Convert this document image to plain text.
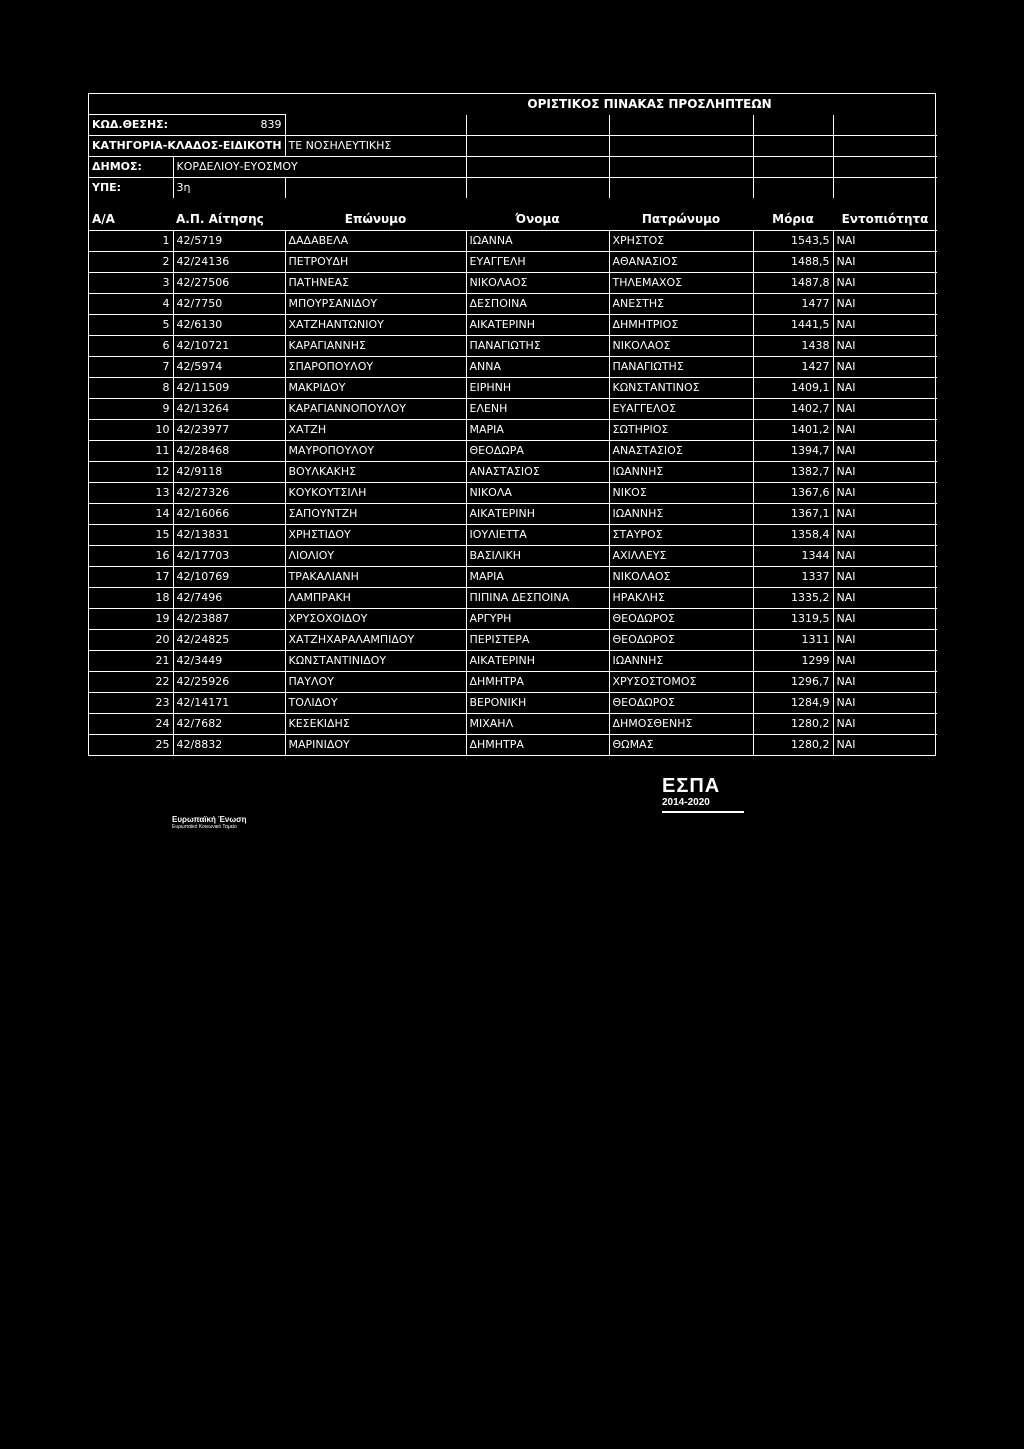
			ΟΡΙΣΤΙΚΟΣ ΠΙΝΑΚΑΣ ΠΡΟΣΛΗΠΤΕΩΝ			
ΚΩΔ.ΘΕΣΗΣ:	839					
ΚΑΤΗΓΟΡΙΑ-ΚΛΑΔΟΣ-ΕΙΔΙΚΟΤΗ		ΤΕ ΝΟΣΗΛΕΥΤΙΚΗΣ				
ΔΗΜΟΣ:	ΚΟΡΔΕΛΙΟΥ-ΕΥΟΣΜΟΥ					
ΥΠΕ:	3η					

Α/Α	Α.Π. Αίτησης	Επώνυμο	Όνομα	Πατρώνυμο	Μόρια	Εντοπιότητα
1	42/5719	ΔΑΔΑΒΕΛΑ	ΙΩΑΝΝΑ	ΧΡΗΣΤΟΣ	1543,5	ΝΑΙ
2	42/24136	ΠΕΤΡΟΥΔΗ	ΕΥΑΓΓΕΛΗ	ΑΘΑΝΑΣΙΟΣ	1488,5	ΝΑΙ
3	42/27506	ΠΑΤΗΝΕΑΣ	ΝΙΚΟΛΑΟΣ	ΤΗΛΕΜΑΧΟΣ	1487,8	ΝΑΙ
4	42/7750	ΜΠΟΥΡΣΑΝΙΔΟΥ	ΔΕΣΠΟΙΝΑ	ΑΝΕΣΤΗΣ	1477	ΝΑΙ
5	42/6130	ΧΑΤΖΗΑΝΤΩΝΙΟΥ	ΑΙΚΑΤΕΡΙΝΗ	ΔΗΜΗΤΡΙΟΣ	1441,5	ΝΑΙ
6	42/10721	ΚΑΡΑΓΙΑΝΝΗΣ	ΠΑΝΑΓΙΩΤΗΣ	ΝΙΚΟΛΑΟΣ	1438	ΝΑΙ
7	42/5974	ΣΠΑΡΟΠΟΥΛΟΥ	ΑΝΝΑ	ΠΑΝΑΓΙΩΤΗΣ	1427	ΝΑΙ
8	42/11509	ΜΑΚΡΙΔΟΥ	ΕΙΡΗΝΗ	ΚΩΝΣΤΑΝΤΙΝΟΣ	1409,1	ΝΑΙ
9	42/13264	ΚΑΡΑΓΙΑΝΝΟΠΟΥΛΟΥ	ΕΛΕΝΗ	ΕΥΑΓΓΕΛΟΣ	1402,7	ΝΑΙ
10	42/23977	ΧΑΤΖΗ	ΜΑΡΙΑ	ΣΩΤΗΡΙΟΣ	1401,2	ΝΑΙ
11	42/28468	ΜΑΥΡΟΠΟΥΛΟΥ	ΘΕΟΔΩΡΑ	ΑΝΑΣΤΑΣΙΟΣ	1394,7	ΝΑΙ
12	42/9118	ΒΟΥΛΚΑΚΗΣ	ΑΝΑΣΤΑΣΙΟΣ	ΙΩΑΝΝΗΣ	1382,7	ΝΑΙ
13	42/27326	ΚΟΥΚΟΥΤΣΙΛΗ	ΝΙΚΟΛΑ	ΝΙΚΟΣ	1367,6	ΝΑΙ
14	42/16066	ΣΑΠΟΥΝΤΖΗ	ΑΙΚΑΤΕΡΙΝΗ	ΙΩΑΝΝΗΣ	1367,1	ΝΑΙ
15	42/13831	ΧΡΗΣΤΙΔΟΥ	ΙΟΥΛΙΕΤΤΑ	ΣΤΑΥΡΟΣ	1358,4	ΝΑΙ
16	42/17703	ΛΙΟΛΙΟΥ	ΒΑΣΙΛΙΚΗ	ΑΧΙΛΛΕΥΣ	1344	ΝΑΙ
17	42/10769	ΤΡΑΚΑΛΙΑΝΗ	ΜΑΡΙΑ	ΝΙΚΟΛΑΟΣ	1337	ΝΑΙ
18	42/7496	ΛΑΜΠΡΑΚΗ	ΠΙΠΙΝΑ ΔΕΣΠΟΙΝΑ	ΗΡΑΚΛΗΣ	1335,2	ΝΑΙ
19	42/23887	ΧΡΥΣΟΧΟΙΔΟΥ	ΑΡΓΥΡΗ	ΘΕΟΔΩΡΟΣ	1319,5	ΝΑΙ
20	42/24825	ΧΑΤΖΗΧΑΡΑΛΑΜΠΙΔΟΥ	ΠΕΡΙΣΤΕΡΑ	ΘΕΟΔΩΡΟΣ	1311	ΝΑΙ
21	42/3449	ΚΩΝΣΤΑΝΤΙΝΙΔΟΥ	ΑΙΚΑΤΕΡΙΝΗ	ΙΩΑΝΝΗΣ	1299	ΝΑΙ
22	42/25926	ΠΑΥΛΟΥ	ΔΗΜΗΤΡΑ	ΧΡΥΣΟΣΤΟΜΟΣ	1296,7	ΝΑΙ
23	42/14171	ΤΟΛΙΔΟΥ	ΒΕΡΟΝΙΚΗ	ΘΕΟΔΩΡΟΣ	1284,9	ΝΑΙ
24	42/7682	ΚΕΣΕΚΙΔΗΣ	ΜΙΧΑΗΛ	ΔΗΜΟΣΘΕΝΗΣ	1280,2	ΝΑΙ
25	42/8832	ΜΑΡΙΝΙΔΟΥ	ΔΗΜΗΤΡΑ	ΘΩΜΑΣ	1280,2	ΝΑΙ
ΕΣΠΑ
2014-2020
Ευρωπαϊκή Ένωση
Ευρωπαϊκό Κοινωνικό Ταμείο
